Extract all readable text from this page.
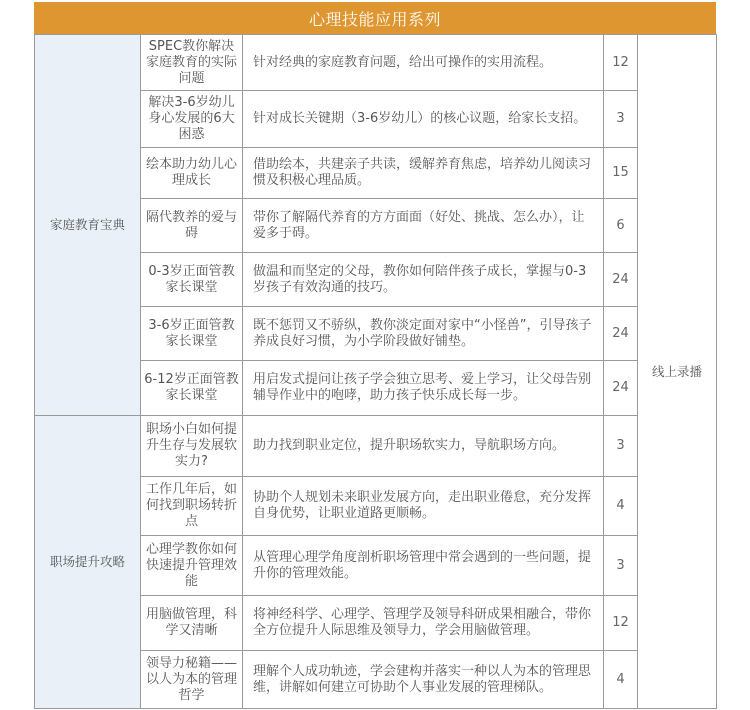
心理技能应用系列
家庭教育宝典	SPEC教你解决家庭教育的实际问题	针对经典的家庭教育问题，给出可操作的实用流程。	12	线上录播
	解决3-6岁幼儿身心发展的6大困惑	针对成长关键期（3-6岁幼儿）的核心议题，给家长支招。	3	
	绘本助力幼儿心理成长	借助绘本，共建亲子共读，缓解养育焦虑，培养幼儿阅读习惯及积极心理品质。	15	
	隔代教养的爱与碍	带你了解隔代养育的方方面面（好处、挑战、怎么办），让爱多于碍。	6	
	0-3岁正面管教家长课堂	做温和而坚定的父母，教你如何陪伴孩子成长，掌握与0-3岁孩子有效沟通的技巧。	24	
	3-6岁正面管教家长课堂	既不惩罚又不骄纵，教你淡定面对家中“小怪兽”，引导孩子养成良好习惯，为小学阶段做好铺垫。	24	
	6-12岁正面管教家长课堂	用启发式提问让孩子学会独立思考、爱上学习，让父母告别辅导作业中的咆哮，助力孩子快乐成长每一步。	24	
职场提升攻略	职场小白如何提升生存与发展软实力?	助力找到职业定位，提升职场软实力，导航职场方向。	3	
	工作几年后，如何找到职场转折点	协助个人规划未来职业发展方向，走出职业倦怠，充分发挥自身优势，让职业道路更顺畅。	4	
	心理学教你如何快速提升管理效能	从管理心理学角度剖析职场管理中常会遇到的一些问题，提升你的管理效能。	3	
	用脑做管理，科学又清晰	将神经科学、心理学、管理学及领导科研成果相融合，带你全方位提升人际思维及领导力，学会用脑做管理。	12	
	领导力秘籍——以人为本的管理哲学	理解个人成功轨迹，学会建构并落实一种以人为本的管理思维，讲解如何建立可协助个人事业发展的管理梯队。	4	
